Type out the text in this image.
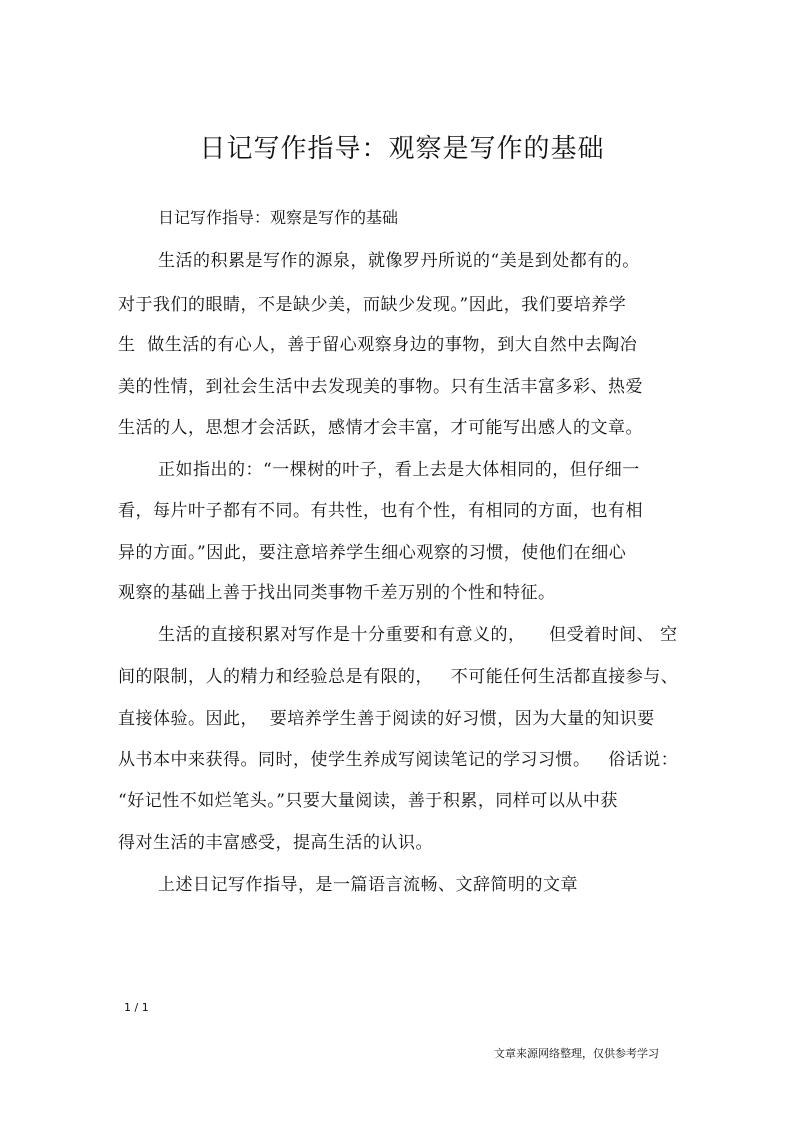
日记写作指导：观察是写作的基础
日记写作指导：观察是写作的基础
生活的积累是写作的源泉，就像罗丹所说的“美是到处都有的。
对于我们的眼睛，不是缺少美，而缺少发现。”因此，我们要培养学
生  做生活的有心人，善于留心观察身边的事物，到大自然中去陶冶
美的性情，到社会生活中去发现美的事物。只有生活丰富多彩、热爱
生活的人，思想才会活跃，感情才会丰富，才可能写出感人的文章。
正如指出的：“一棵树的叶子，看上去是大体相同的，但仔细一
看，每片叶子都有不同。有共性，也有个性，有相同的方面，也有相
异的方面。”因此，要注意培养学生细心观察的习惯，使他们在细心
观察的基础上善于找出同类事物千差万别的个性和特征。
生活的直接积累对写作是十分重要和有意义的，    但受着时间、 空
间的限制，人的精力和经验总是有限的，   不可能任何生活都直接参与、
直接体验。因此，  要培养学生善于阅读的好习惯，因为大量的知识要
从书本中来获得。同时，使学生养成写阅读笔记的学习习惯。   俗话说：
“好记性不如烂笔头。”只要大量阅读，善于积累，同样可以从中获
得对生活的丰富感受，提高生活的认识。
上述日记写作指导，是一篇语言流畅、文辞简明的文章
1 / 1
文章来源网络整理，仅供参考学习
